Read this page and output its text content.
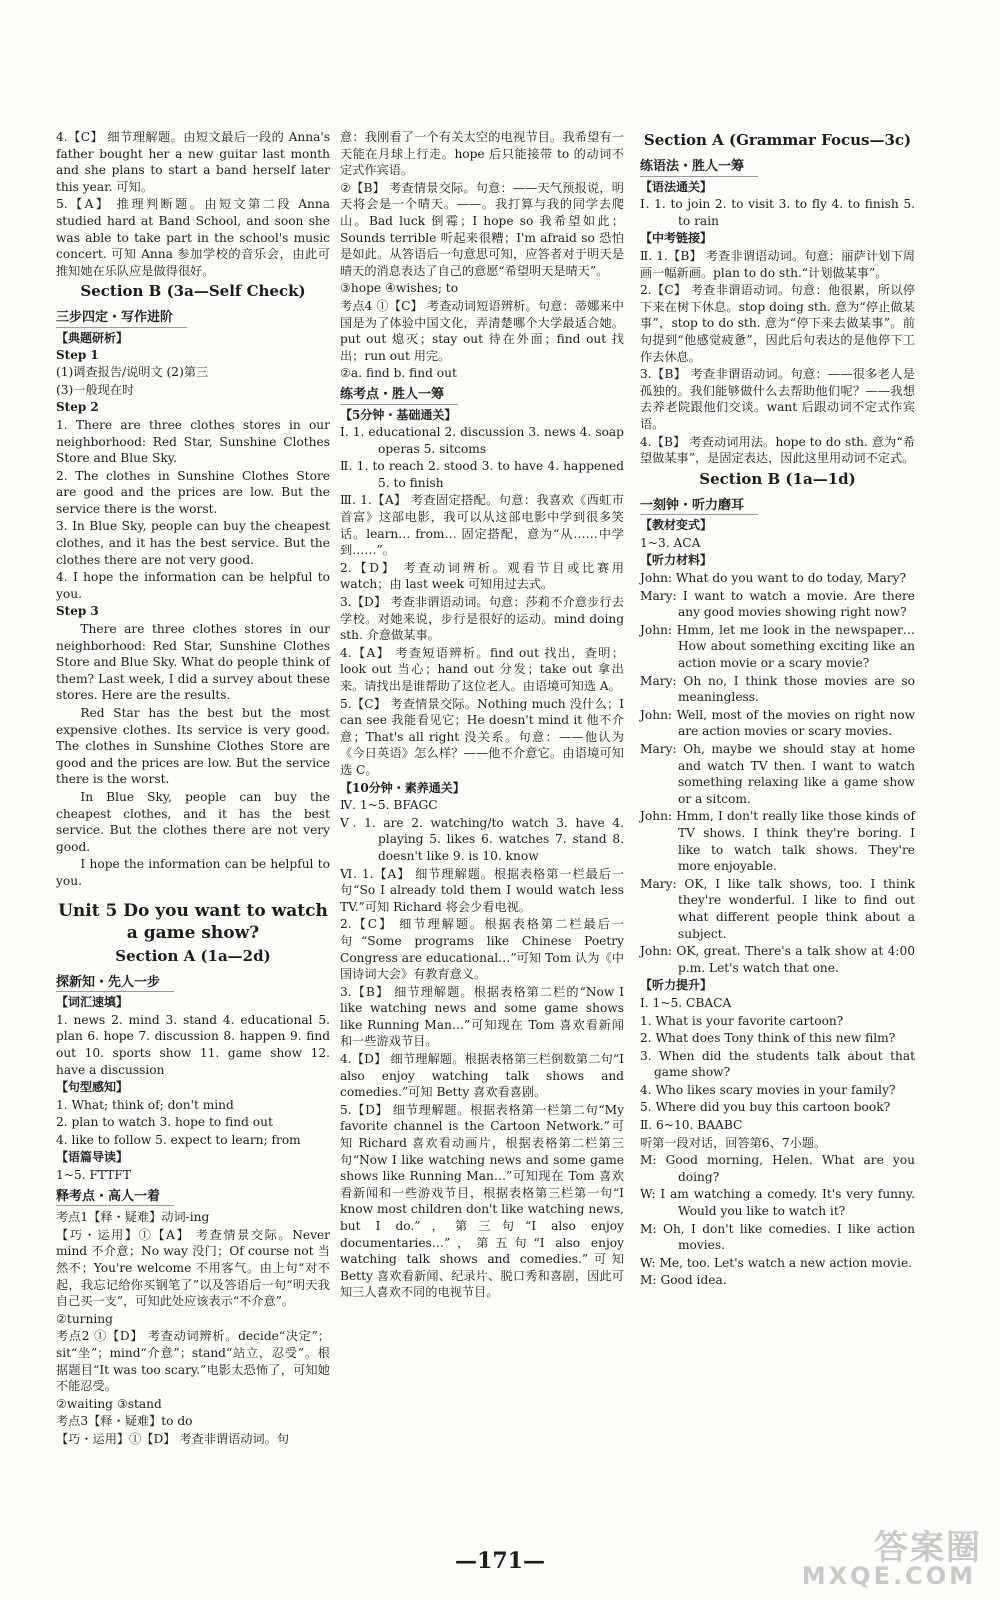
4.【C】 细节理解题。由短文最后一段的 Anna's father bought her a new guitar last month and she plans to start a band herself later this year. 可知。
5.【A】 推理判断题。由短文第二段 Anna studied hard at Band School, and soon she was able to take part in the school's music concert. 可知 Anna 参加学校的音乐会，由此可推知她在乐队应是做得很好。
Section B (3a—Self Check)
三步四定・写作进阶
【典题研析】
Step 1
(1)调查报告/说明文 (2)第三
(3)一般现在时
Step 2
1. There are three clothes stores in our neighborhood: Red Star, Sunshine Clothes Store and Blue Sky.
2. The clothes in Sunshine Clothes Store are good and the prices are low. But the service there is the worst.
3. In Blue Sky, people can buy the cheapest clothes, and it has the best service. But the clothes there are not very good.
4. I hope the information can be helpful to you.
Step 3
There are three clothes stores in our neighborhood: Red Star, Sunshine Clothes Store and Blue Sky. What do people think of them? Last week, I did a survey about these stores. Here are the results.
Red Star has the best but the most expensive clothes. Its service is very good. The clothes in Sunshine Clothes Store are good and the prices are low. But the service there is the worst.
In Blue Sky, people can buy the cheapest clothes, and it has the best service. But the clothes there are not very good.
I hope the information can be helpful to you.
Unit 5 Do you want to watch a game show?
Section A (1a—2d)
探新知・先人一步
【词汇速填】
1. news 2. mind 3. stand 4. educational 5. plan 6. hope 7. discussion 8. happen 9. find out 10. sports show 11. game show 12. have a discussion
【句型感知】
1. What; think of; don't mind
2. plan to watch 3. hope to find out
4. like to follow 5. expect to learn; from
【语篇导读】
1~5. FTTFT
释考点・高人一着
考点1【释・疑难】动词-ing
【巧・运用】①【A】 考查情景交际。Never mind 不介意；No way 没门；Of course not 当然不；You're welcome 不用客气。由上句“对不起，我忘记给你买钢笔了”以及答语后一句“明天我自己买一支”，可知此处应该表示“不介意”。
②turning
考点2 ①【D】 考查动词辨析。decide“决定”；sit“坐”；mind“介意”；stand“站立，忍受”。根据题目“It was too scary.”电影太恐怖了，可知她不能忍受。
②waiting ③stand
考点3【释・疑难】to do
【巧・运用】①【D】 考查非谓语动词。句
意：我刚看了一个有关太空的电视节目。我希望有一天能在月球上行走。hope 后只能接带 to 的动词不定式作宾语。
②【B】 考查情景交际。句意：——天气预报说，明天将会是一个晴天。——。我打算与我的同学去爬山。Bad luck 倒霉；I hope so 我希望如此；Sounds terrible 听起来很糟；I'm afraid so 恐怕是如此。从答语后一句意思可知，应答者对于明天是晴天的消息表达了自己的意愿“希望明天是晴天”。
③hope ④wishes; to
考点4 ①【C】 考查动词短语辨析。句意：蒂娜来中国是为了体验中国文化，弄清楚哪个大学最适合她。put out 熄灭；stay out 待在外面；find out 找出；run out 用完。
②a. find b. find out
练考点・胜人一筹
【5分钟・基础通关】
Ⅰ. 1. educational 2. discussion 3. news 4. soap operas 5. sitcoms
Ⅱ. 1. to reach 2. stood 3. to have 4. happened 5. to finish
Ⅲ. 1.【A】 考查固定搭配。句意：我喜欢《西虹市首富》这部电影，我可以从这部电影中学到很多笑话。learn… from… 固定搭配，意为“从……中学到……”。
2.【D】 考查动词辨析。观看节目或比赛用 watch；由 last week 可知用过去式。
3.【D】 考查非谓语动词。句意：莎莉不介意步行去学校。对她来说，步行是很好的运动。mind doing sth. 介意做某事。
4.【A】 考查短语辨析。find out 找出，查明；look out 当心；hand out 分发；take out 拿出来。请找出是谁帮助了这位老人。由语境可知选 A。
5.【C】 考查情景交际。Nothing much 没什么；I can see 我能看见它；He doesn't mind it 他不介意；That's all right 没关系。句意：——他认为《今日英语》怎么样？——他不介意它。由语境可知选 C。
【10分钟・素养通关】
Ⅳ. 1~5. BFAGC
Ⅴ. 1. are 2. watching/to watch 3. have 4. playing 5. likes 6. watches 7. stand 8. doesn't like 9. is 10. know
Ⅵ. 1.【A】 细节理解题。根据表格第一栏最后一句“So I already told them I would watch less TV.”可知 Richard 将会少看电视。
2.【C】 细节理解题。根据表格第二栏最后一句“Some programs like Chinese Poetry Congress are educational…”可知 Tom 认为《中国诗词大会》有教育意义。
3.【B】 细节理解题。根据表格第二栏的“Now I like watching news and some game shows like Running Man…”可知现在 Tom 喜欢看新闻和一些游戏节目。
4.【D】 细节理解题。根据表格第三栏倒数第二句“I also enjoy watching talk shows and comedies.”可知 Betty 喜欢看喜剧。
5.【D】 细节理解题。根据表格第一栏第二句“My favorite channel is the Cartoon Network.”可知 Richard 喜欢看动画片，根据表格第二栏第三句“Now I like watching news and some game shows like Running Man…”可知现在 Tom 喜欢看新闻和一些游戏节目，根据表格第三栏第一句“I know most children don't like watching news, but I do.”，第三句“I also enjoy documentaries…”，第五句“I also enjoy watching talk shows and comedies.”可知 Betty 喜欢看新闻、纪录片、脱口秀和喜剧，因此可知三人喜欢不同的电视节目。
Section A (Grammar Focus—3c)
练语法・胜人一筹
【语法通关】
Ⅰ. 1. to join 2. to visit 3. to fly 4. to finish 5. to rain
【中考链接】
Ⅱ. 1.【B】 考查非谓语动词。句意：丽萨计划下周画一幅新画。plan to do sth.“计划做某事”。
2.【C】 考查非谓语动词。句意：他很累，所以停下来在树下休息。stop doing sth. 意为“停止做某事”，stop to do sth. 意为“停下来去做某事”。前句提到“他感觉疲惫”，因此后句表达的是他停下工作去休息。
3.【B】 考查非谓语动词。句意：——很多老人是孤独的。我们能够做什么去帮助他们呢？——我想去养老院跟他们交谈。want 后跟动词不定式作宾语。
4.【B】 考查动词用法。hope to do sth. 意为“希望做某事”，是固定表达，因此这里用动词不定式。
Section B (1a—1d)
一刻钟・听力磨耳
【教材变式】
1~3. ACA
【听力材料】
John: What do you want to do today, Mary?
Mary: I want to watch a movie. Are there any good movies showing right now?
John: Hmm, let me look in the newspaper… How about something exciting like an action movie or a scary movie?
Mary: Oh no, I think those movies are so meaningless.
John: Well, most of the movies on right now are action movies or scary movies.
Mary: Oh, maybe we should stay at home and watch TV then. I want to watch something relaxing like a game show or a sitcom.
John: Hmm, I don't really like those kinds of TV shows. I think they're boring. I like to watch talk shows. They're more enjoyable.
Mary: OK, I like talk shows, too. I think they're wonderful. I like to find out what different people think about a subject.
John: OK, great. There's a talk show at 4:00 p.m. Let's watch that one.
【听力提升】
Ⅰ. 1~5. CBACA
1. What is your favorite cartoon?
2. What does Tony think of this new film?
3. When did the students talk about that game show?
4. Who likes scary movies in your family?
5. Where did you buy this cartoon book?
Ⅱ. 6~10. BAABC
听第一段对话，回答第6、7小题。
M: Good morning, Helen. What are you doing?
W: I am watching a comedy. It's very funny. Would you like to watch it?
M: Oh, I don't like comedies. I like action movies.
W: Me, too. Let's watch a new action movie.
M: Good idea.
—171—	答案圈
MXQE.COM
